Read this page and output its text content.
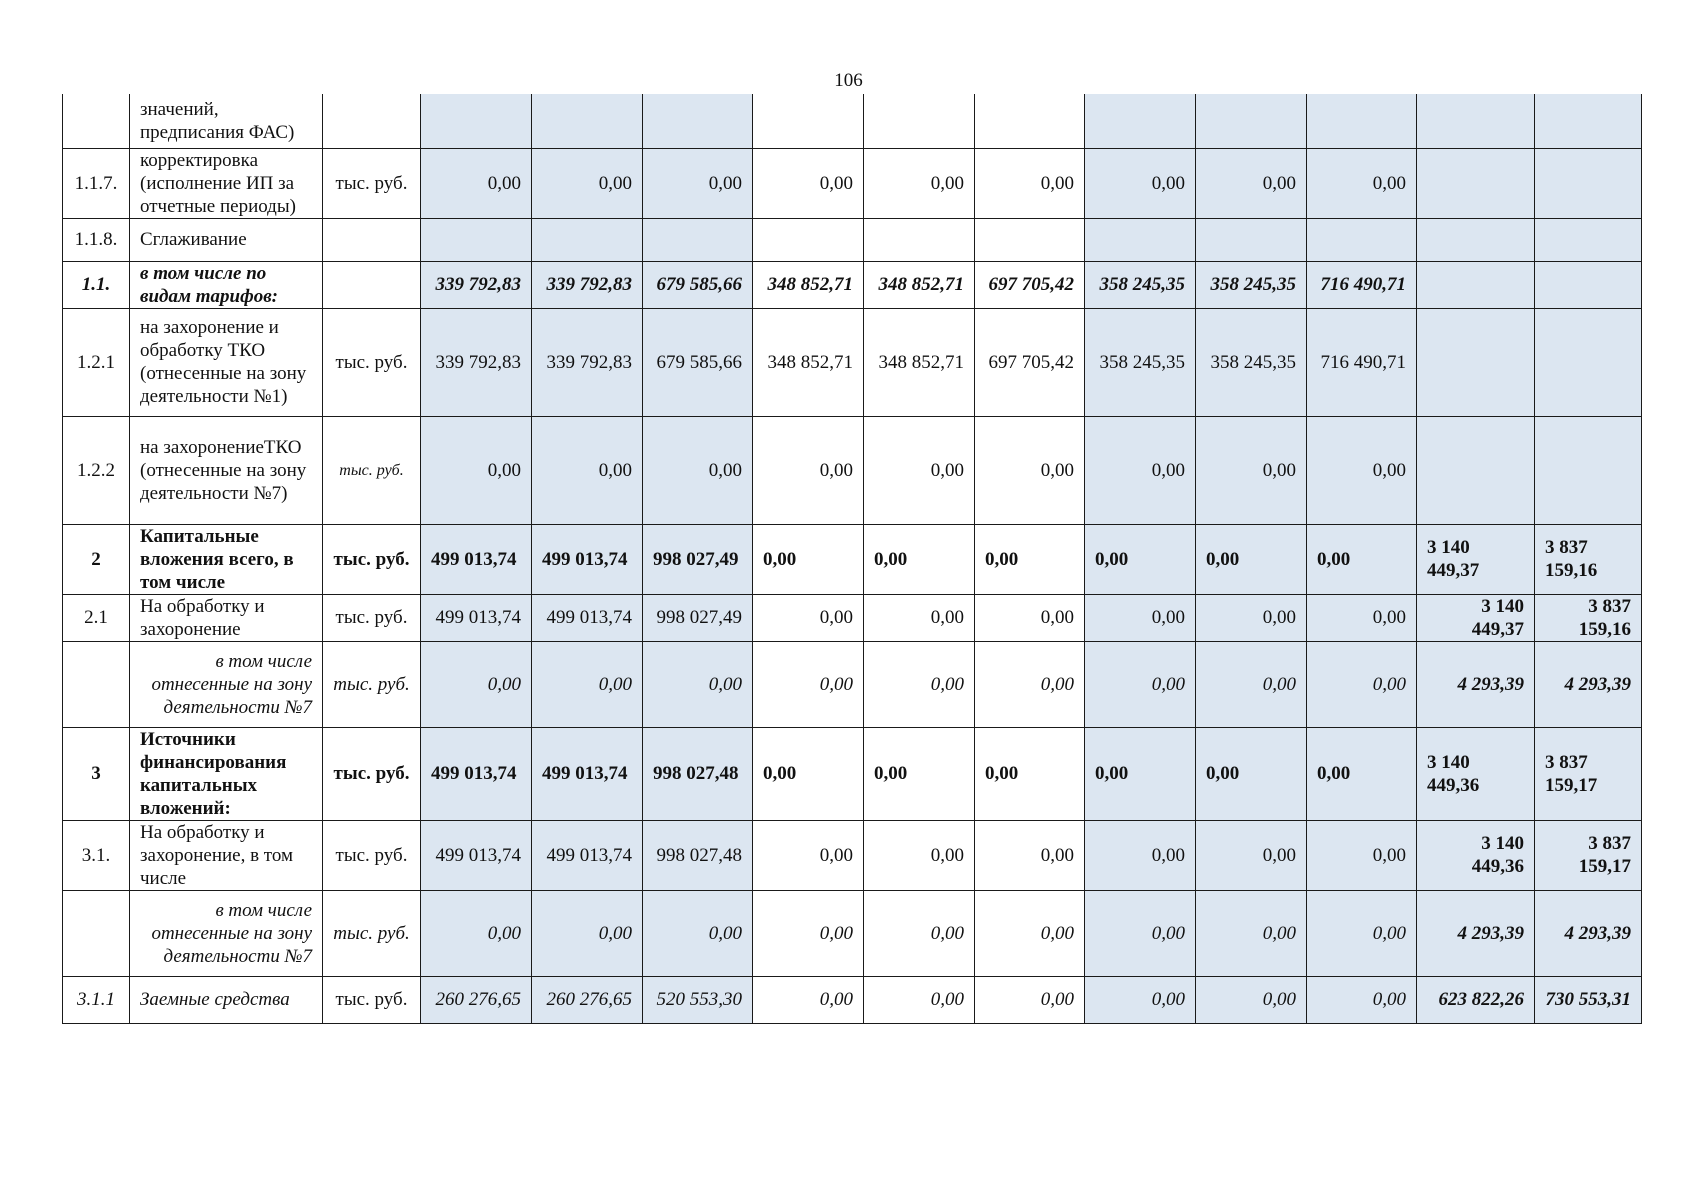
106
	значений, предписания ФАС)												
1.1.7.	корректировка (исполнение ИП за отчетные периоды)	тыс. руб.	0,00	0,00	0,00	0,00	0,00	0,00	0,00	0,00	0,00		
1.1.8.	Сглаживание												
1.1.	в том числе по видам тарифов:		339 792,83	339 792,83	679 585,66	348 852,71	348 852,71	697 705,42	358 245,35	358 245,35	716 490,71		
1.2.1	на захоронение и обработку ТКО (отнесенные на зону деятельности №1)	тыс. руб.	339 792,83	339 792,83	679 585,66	348 852,71	348 852,71	697 705,42	358 245,35	358 245,35	716 490,71		
1.2.2	на захоронениеТКО (отнесенные на зону деятельности №7)	тыс. руб.	0,00	0,00	0,00	0,00	0,00	0,00	0,00	0,00	0,00		
2	Капитальные вложения всего, в том числе	тыс. руб.	499 013,74	499 013,74	998 027,49	0,00	0,00	0,00	0,00	0,00	0,00	3 140 449,37	3 837 159,16
2.1	На обработку и захоронение	тыс. руб.	499 013,74	499 013,74	998 027,49	0,00	0,00	0,00	0,00	0,00	0,00	3 140 449,37	3 837 159,16
	в том числе отнесенные на зону деятельности №7	тыс. руб.	0,00	0,00	0,00	0,00	0,00	0,00	0,00	0,00	0,00	4 293,39	4 293,39
3	Источники финансирования капитальных вложений:	тыс. руб.	499 013,74	499 013,74	998 027,48	0,00	0,00	0,00	0,00	0,00	0,00	3 140 449,36	3 837 159,17
3.1.	На обработку и захоронение, в том числе	тыс. руб.	499 013,74	499 013,74	998 027,48	0,00	0,00	0,00	0,00	0,00	0,00	3 140 449,36	3 837 159,17
	в том числе отнесенные на зону деятельности №7	тыс. руб.	0,00	0,00	0,00	0,00	0,00	0,00	0,00	0,00	0,00	4 293,39	4 293,39
3.1.1	Заемные средства	тыс. руб.	260 276,65	260 276,65	520 553,30	0,00	0,00	0,00	0,00	0,00	0,00	623 822,26	730 553,31
